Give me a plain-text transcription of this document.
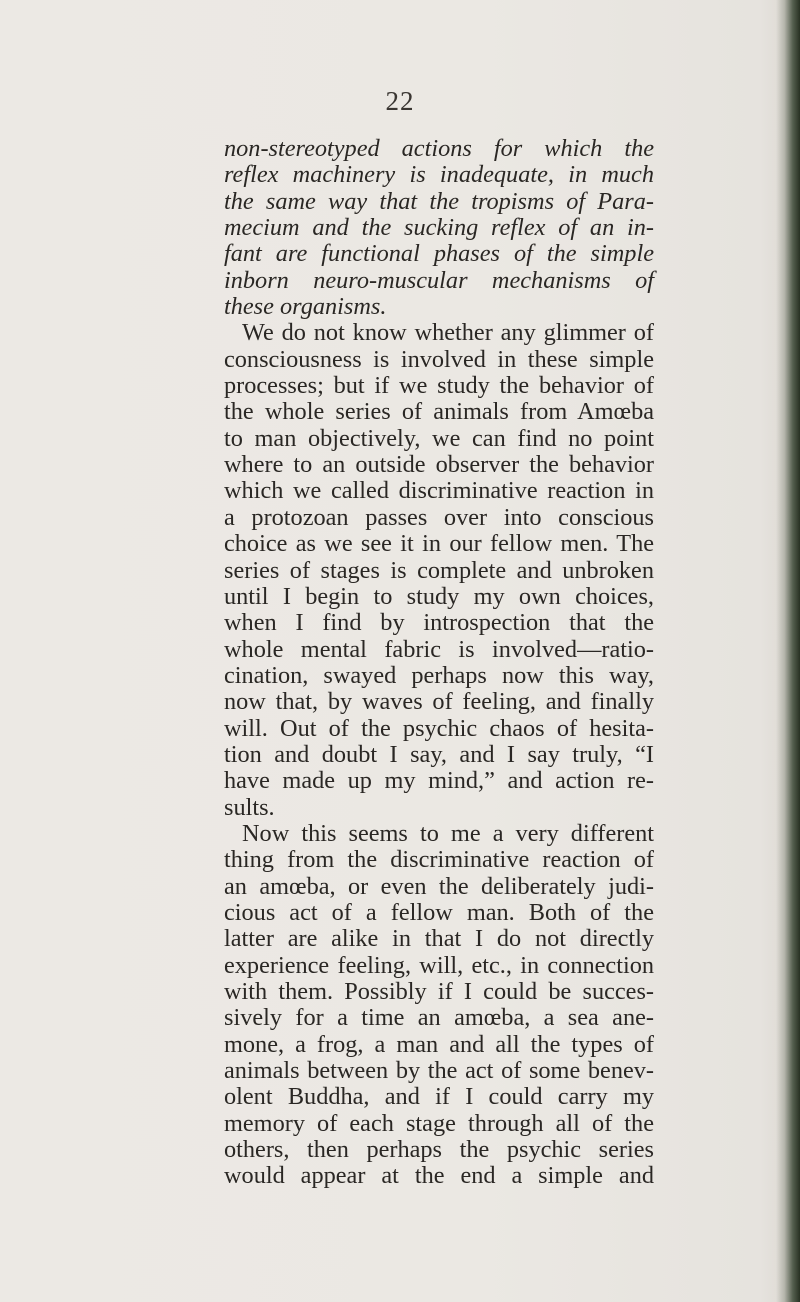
22
non-stereotyped actions for which the
reflex machinery is inadequate, in much
the same way that the tropisms of Para-
mecium and the sucking reflex of an in-
fant are functional phases of the simple
inborn neuro-muscular mechanisms of
these organisms.
We do not know whether any glimmer of
consciousness is involved in these simple
processes; but if we study the behavior of
the whole series of animals from Amœba
to man objectively, we can find no point
where to an outside observer the behavior
which we called discriminative reaction in
a protozoan passes over into conscious
choice as we see it in our fellow men. The
series of stages is complete and unbroken
until I begin to study my own choices,
when I find by introspection that the
whole mental fabric is involved—ratio-
cination, swayed perhaps now this way,
now that, by waves of feeling, and finally
will. Out of the psychic chaos of hesita-
tion and doubt I say, and I say truly, “I
have made up my mind,” and action re-
sults.
Now this seems to me a very different
thing from the discriminative reaction of
an amœba, or even the deliberately judi-
cious act of a fellow man. Both of the
latter are alike in that I do not directly
experience feeling, will, etc., in connection
with them. Possibly if I could be succes-
sively for a time an amœba, a sea ane-
mone, a frog, a man and all the types of
animals between by the act of some benev-
olent Buddha, and if I could carry my
memory of each stage through all of the
others, then perhaps the psychic series
would appear at the end a simple and
